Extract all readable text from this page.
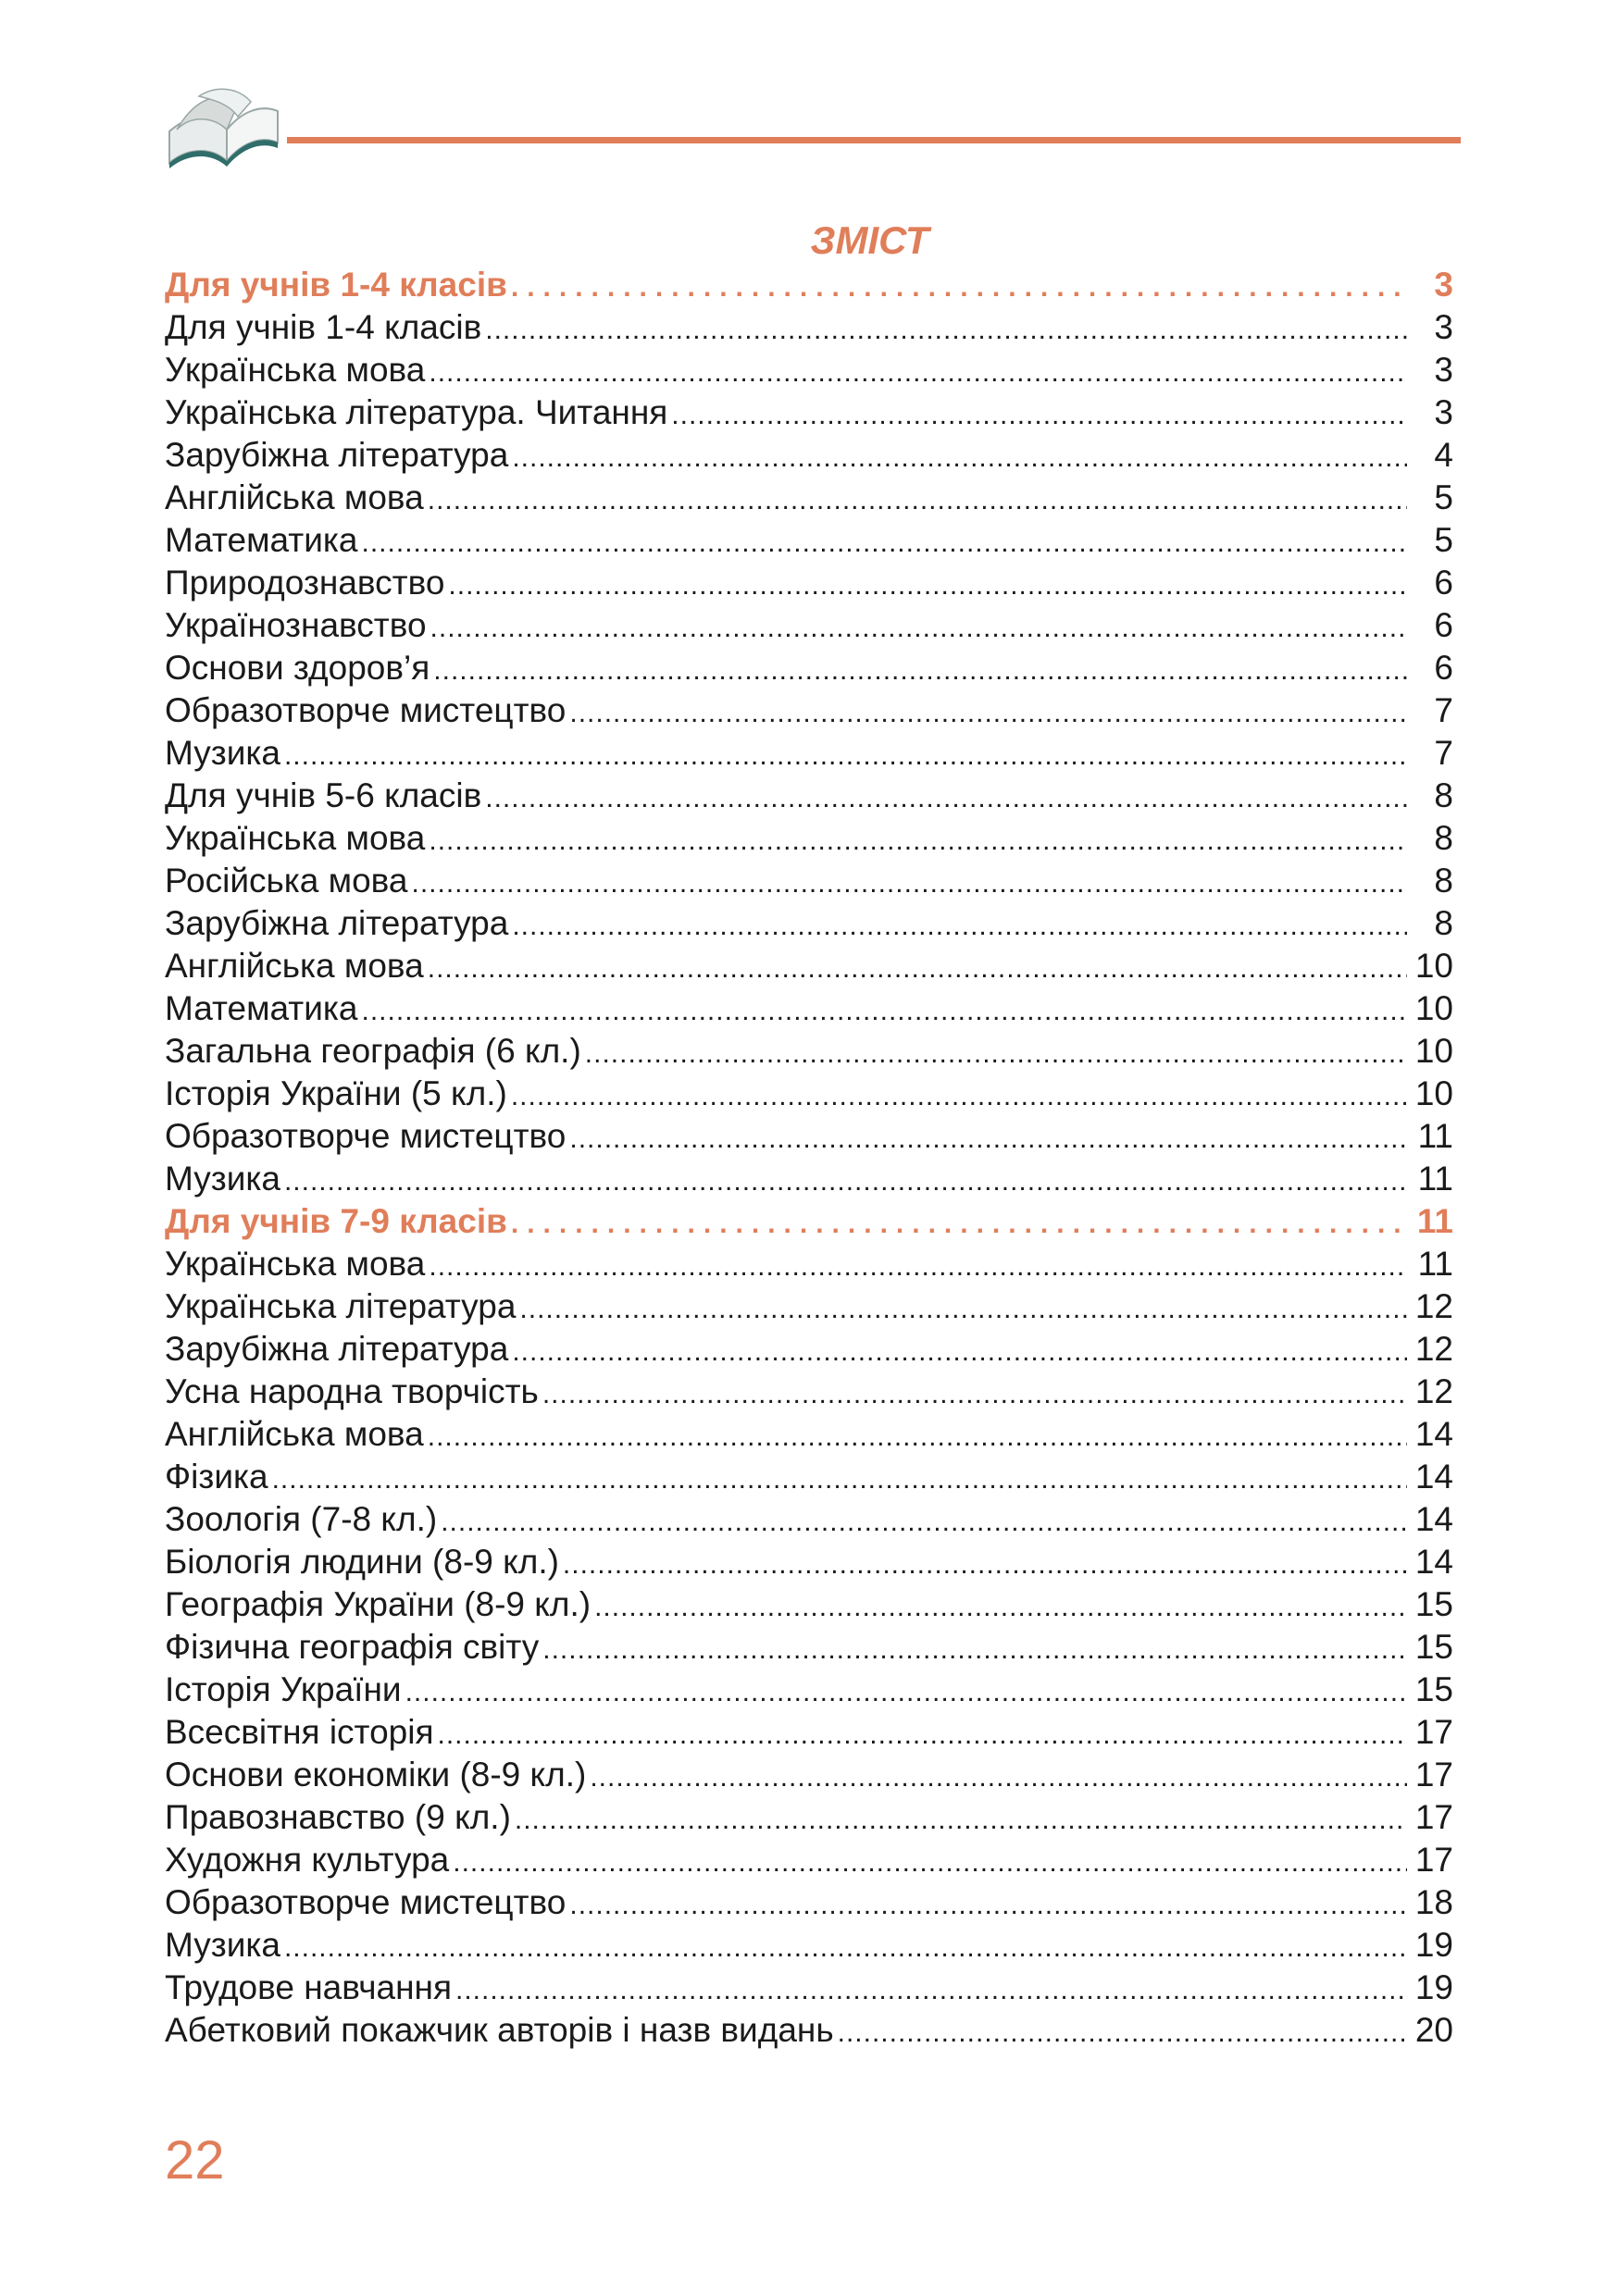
ЗМІСТ
Для учнів 1-4 класів .....	3
Для учнів 1-4 класів .....	3
Українська мова .....	3
Українська література. Читання .....	3
Зарубіжна література .....	4
Англійська мова .....	5
Математика .....	5
Природознавство .....	6
Українознавство .....	6
Основи здоров’я .....	6
Образотворче мистецтво .....	7
Музика .....	7
Для учнів 5-6 класів .....	8
Українська мова .....	8
Російська мова .....	8
Зарубіжна література .....	8
Англійська мова .....	10
Математика .....	10
Загальна географія (6 кл.) .....	10
Історія України (5 кл.) .....	10
Образотворче мистецтво .....	11
Музика .....	11
Для учнів 7-9 класів .....	11
Українська мова .....	11
Українська література .....	12
Зарубіжна література .....	12
Усна народна творчість .....	12
Англійська мова .....	14
Фізика .....	14
Зоологія (7-8 кл.) .....	14
Біологія людини (8-9 кл.) .....	14
Географія України (8-9 кл.) .....	15
Фізична географія світу .....	15
Історія України .....	15
Всесвітня історія .....	17
Основи економіки (8-9 кл.) .....	17
Правознавство (9 кл.) .....	17
Художня культура .....	17
Образотворче мистецтво .....	18
Музика .....	19
Трудове навчання .....	19
Абетковий покажчик авторів і назв видань .....	20
22
